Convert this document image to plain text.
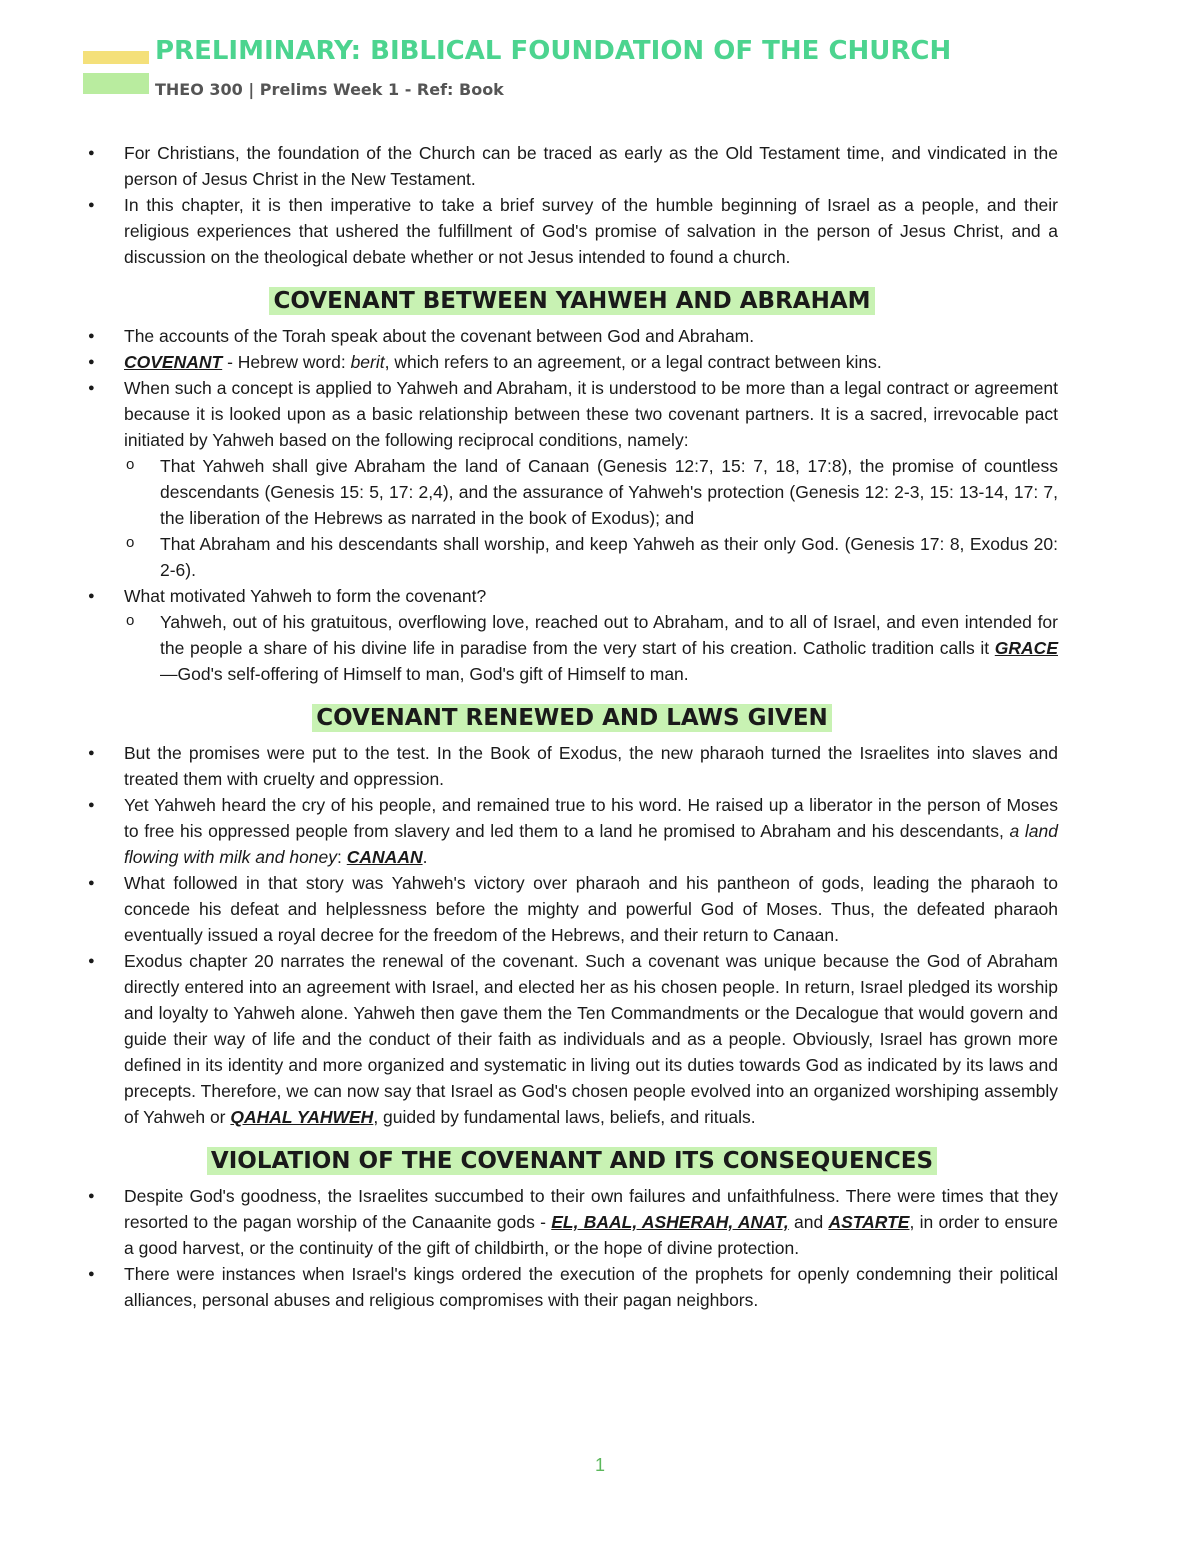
PRELIMINARY: BIBLICAL FOUNDATION OF THE CHURCH
THEO 300 | Prelims Week 1 - Ref: Book
● For Christians, the foundation of the Church can be traced as early as the Old Testament time, and vindicated in the person of Jesus Christ in the New Testament.
● In this chapter, it is then imperative to take a brief survey of the humble beginning of Israel as a people, and their religious experiences that ushered the fulfillment of God's promise of salvation in the person of Jesus Christ, and a discussion on the theological debate whether or not Jesus intended to found a church.
COVENANT BETWEEN YAHWEH AND ABRAHAM
● The accounts of the Torah speak about the covenant between God and Abraham.
● COVENANT - Hebrew word: berit, which refers to an agreement, or a legal contract between kins.
● When such a concept is applied to Yahweh and Abraham, it is understood to be more than a legal contract or agreement because it is looked upon as a basic relationship between these two covenant partners. It is a sacred, irrevocable pact initiated by Yahweh based on the following reciprocal conditions, namely:
o That Yahweh shall give Abraham the land of Canaan (Genesis 12:7, 15: 7, 18, 17:8), the promise of countless descendants (Genesis 15: 5, 17: 2,4), and the assurance of Yahweh's protection (Genesis 12: 2-3, 15: 13-14, 17: 7, the liberation of the Hebrews as narrated in the book of Exodus); and
o That Abraham and his descendants shall worship, and keep Yahweh as their only God. (Genesis 17: 8, Exodus 20: 2-6).
● What motivated Yahweh to form the covenant?
o Yahweh, out of his gratuitous, overflowing love, reached out to Abraham, and to all of Israel, and even intended for the people a share of his divine life in paradise from the very start of his creation. Catholic tradition calls it GRACE—God's self-offering of Himself to man, God's gift of Himself to man.
COVENANT RENEWED AND LAWS GIVEN
● But the promises were put to the test. In the Book of Exodus, the new pharaoh turned the Israelites into slaves and treated them with cruelty and oppression.
● Yet Yahweh heard the cry of his people, and remained true to his word. He raised up a liberator in the person of Moses to free his oppressed people from slavery and led them to a land he promised to Abraham and his descendants, a land flowing with milk and honey: CANAAN.
● What followed in that story was Yahweh's victory over pharaoh and his pantheon of gods, leading the pharaoh to concede his defeat and helplessness before the mighty and powerful God of Moses. Thus, the defeated pharaoh eventually issued a royal decree for the freedom of the Hebrews, and their return to Canaan.
● Exodus chapter 20 narrates the renewal of the covenant. Such a covenant was unique because the God of Abraham directly entered into an agreement with Israel, and elected her as his chosen people. In return, Israel pledged its worship and loyalty to Yahweh alone. Yahweh then gave them the Ten Commandments or the Decalogue that would govern and guide their way of life and the conduct of their faith as individuals and as a people. Obviously, Israel has grown more defined in its identity and more organized and systematic in living out its duties towards God as indicated by its laws and precepts. Therefore, we can now say that Israel as God's chosen people evolved into an organized worshiping assembly of Yahweh or QAHAL YAHWEH, guided by fundamental laws, beliefs, and rituals.
VIOLATION OF THE COVENANT AND ITS CONSEQUENCES
● Despite God's goodness, the Israelites succumbed to their own failures and unfaithfulness. There were times that they resorted to the pagan worship of the Canaanite gods - EL, BAAL, ASHERAH, ANAT, and ASTARTE, in order to ensure a good harvest, or the continuity of the gift of childbirth, or the hope of divine protection.
● There were instances when Israel's kings ordered the execution of the prophets for openly condemning their political alliances, personal abuses and religious compromises with their pagan neighbors.
1
